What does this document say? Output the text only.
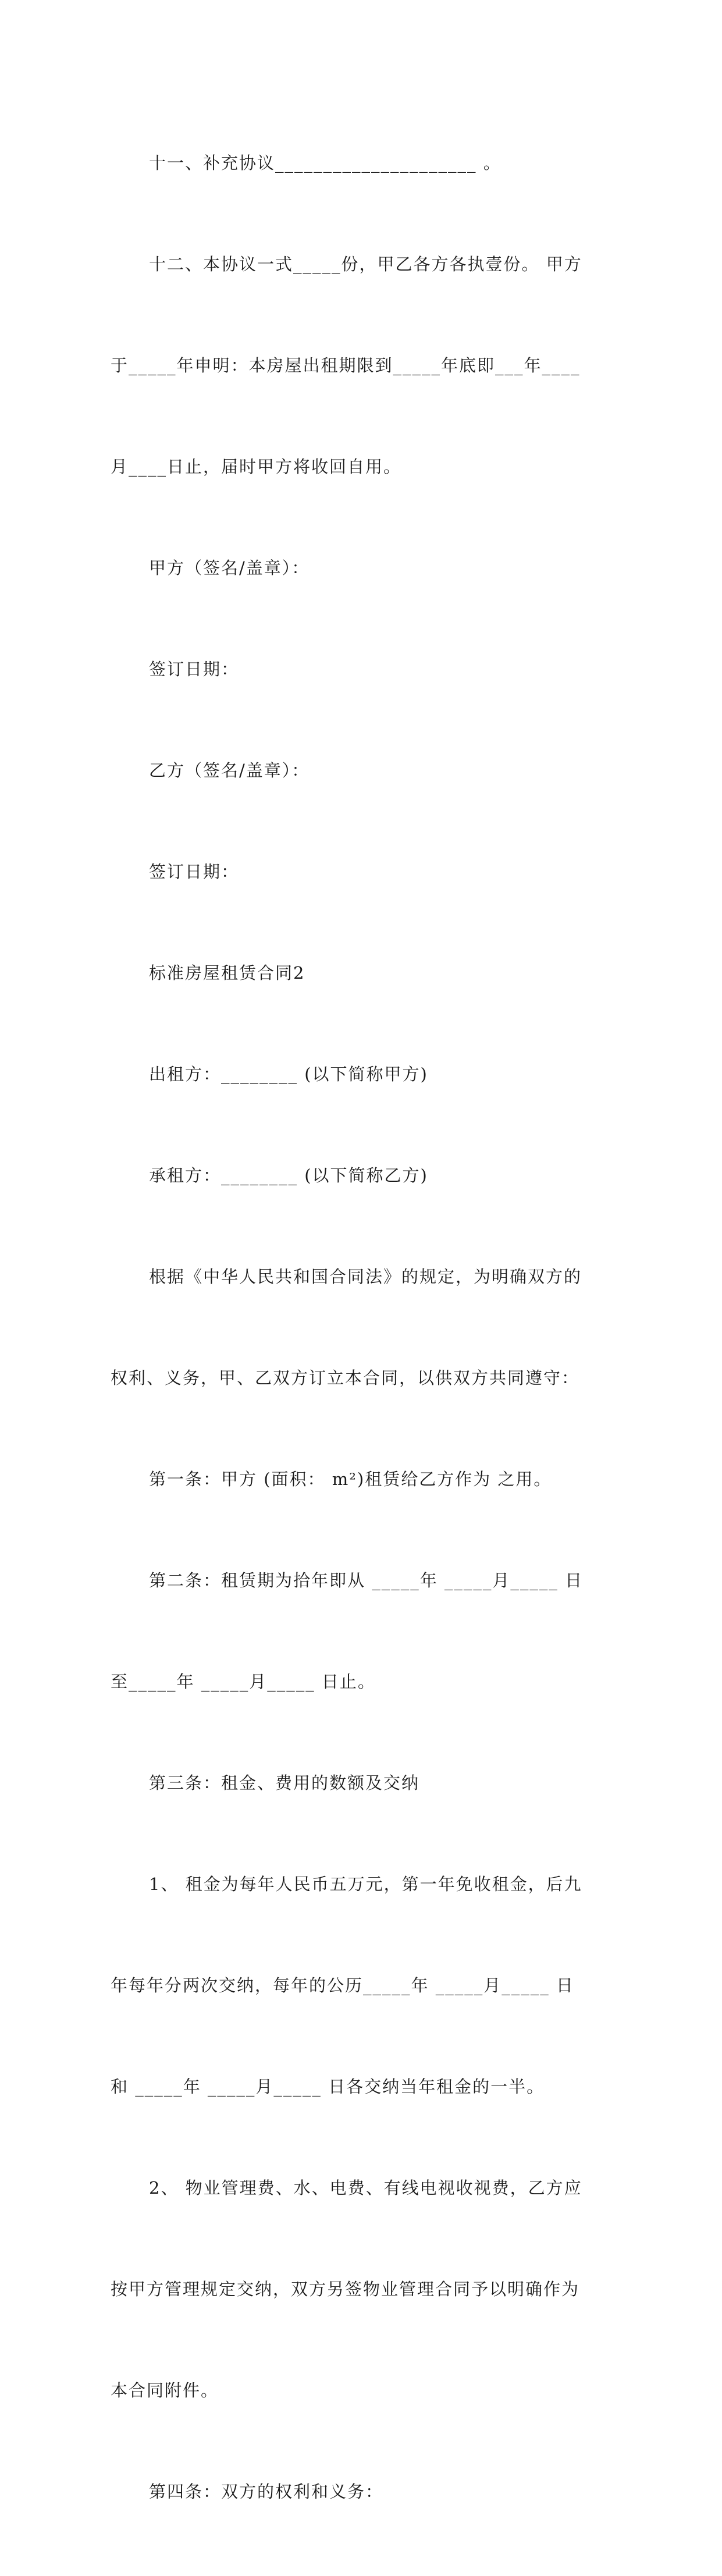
十一、补充协议_____________________ 。

十二、本协议一式_____份，甲乙各方各执壹份。 甲方

于_____年申明：本房屋出租期限到_____年底即___年____

月____日止，届时甲方将收回自用。

甲方（签名/盖章）：

签订日期：

乙方（签名/盖章）：

签订日期：

标准房屋租赁合同2

出租方：________ (以下简称甲方)

承租方：________ (以下简称乙方)

根据《中华人民共和国合同法》的规定，为明确双方的

权利、义务，甲、乙双方订立本合同，以供双方共同遵守：

第一条：甲方 (面积： m²)租赁给乙方作为 之用。

第二条：租赁期为拾年即从 _____年 _____月_____ 日

至_____年 _____月_____ 日止。

第三条：租金、费用的数额及交纳

1、 租金为每年人民币五万元，第一年免收租金，后九

年每年分两次交纳，每年的公历_____年 _____月_____ 日

和 _____年 _____月_____ 日各交纳当年租金的一半。

2、 物业管理费、水、电费、有线电视收视费，乙方应

按甲方管理规定交纳，双方另签物业管理合同予以明确作为

本合同附件。

第四条：双方的权利和义务：
